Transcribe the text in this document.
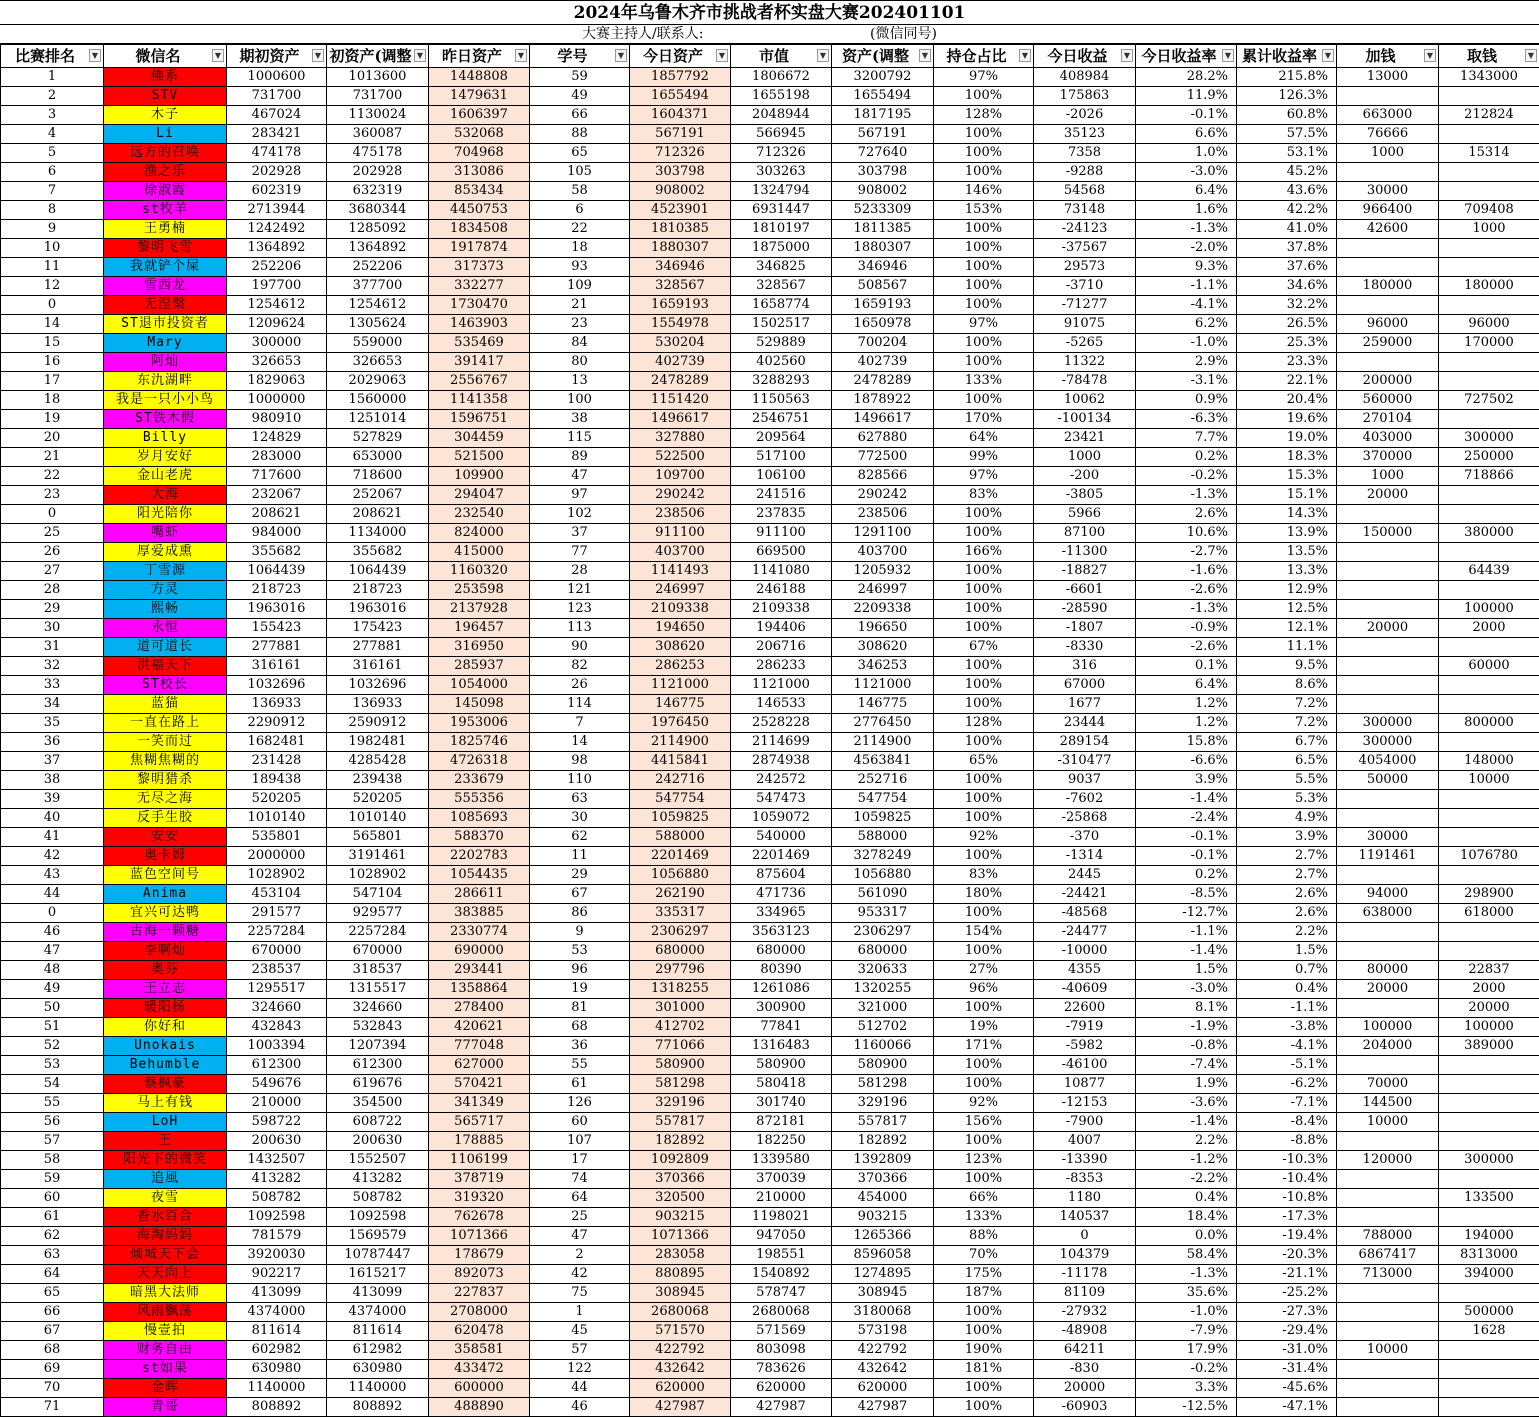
2024年乌鲁木齐市挑战者杯实盘大赛202401101
大赛主持人/联系人:	(微信同号)
比赛排名 ▼	微信名 ▼	期初资产 ▼	初资产(调整 ▼	昨日资产 ▼	学号 ▼	今日资产 ▼	市值 ▼	资产(调整 ▼	持仓占比 ▼	今日收益 ▼	今日收益率 ▼	累计收益率 ▼	加钱 ▼	取钱 ▼

1	佛系	1000600	1013600	1448808	59	1857792	1806672	3200792	97%	408984	28.2%	215.8%	13000	1343000
2	STV	731700	731700	1479631	49	1655494	1655198	1655494	100%	175863	11.9%	126.3%		
3	木子	467024	1130024	1606397	66	1604371	2048944	1817195	128%	-2026	-0.1%	60.8%	663000	212824
4	Li	283421	360087	532068	88	567191	566945	567191	100%	35123	6.6%	57.5%	76666	
5	远方的召唤	474178	475178	704968	65	712326	712326	727640	100%	7358	1.0%	53.1%	1000	15314
6	渔之乐	202928	202928	313086	105	303798	303263	303798	100%	-9288	-3.0%	45.2%		
7	徐淑霞	602319	632319	853434	58	908002	1324794	908002	146%	54568	6.4%	43.6%	30000	
8	st牧羊	2713944	3680344	4450753	6	4523901	6931447	5233309	153%	73148	1.6%	42.2%	966400	709408
9	王勇楠	1242492	1285092	1834508	22	1810385	1810197	1811385	100%	-24123	-1.3%	41.0%	42600	1000
10	黎明飞雪	1364892	1364892	1917874	18	1880307	1875000	1880307	100%	-37567	-2.0%	37.8%		
11	我就铲个屎	252206	252206	317373	93	346946	346825	346946	100%	29573	9.3%	37.6%		
12	雪西龙	197700	377700	332277	109	328567	328567	508567	100%	-3710	-1.1%	34.6%	180000	180000
0	无涅槃	1254612	1254612	1730470	21	1659193	1658774	1659193	100%	-71277	-4.1%	32.2%		
14	ST退市投资者	1209624	1305624	1463903	23	1554978	1502517	1650978	97%	91075	6.2%	26.5%	96000	96000
15	Mary	300000	559000	535469	84	530204	529889	700204	100%	-5265	-1.0%	25.3%	259000	170000
16	阿灿	326653	326653	391417	80	402739	402560	402739	100%	11322	2.9%	23.3%		
17	东氿湖畔	1829063	2029063	2556767	13	2478289	3288293	2478289	133%	-78478	-3.1%	22.1%	200000	
18	我是一只小小鸟	1000000	1560000	1141358	100	1151420	1150563	1878922	100%	10062	0.9%	20.4%	560000	727502
19	ST铁木假	980910	1251014	1596751	38	1496617	2546751	1496617	170%	-100134	-6.3%	19.6%	270104	
20	Billy	124829	527829	304459	115	327880	209564	627880	64%	23421	7.7%	19.0%	403000	300000
21	岁月安好	283000	653000	521500	89	522500	517100	772500	99%	1000	0.2%	18.3%	370000	250000
22	金山老虎	717600	718600	109900	47	109700	106100	828566	97%	-200	-0.2%	15.3%	1000	718866
23	大海	232067	252067	294047	97	290242	241516	290242	83%	-3805	-1.3%	15.1%	20000	
0	阳光陪你	208621	208621	232540	102	238506	237835	238506	100%	5966	2.6%	14.3%		
25	嘴虾	984000	1134000	824000	37	911100	911100	1291100	100%	87100	10.6%	13.9%	150000	380000
26	厚爱成熏	355682	355682	415000	77	403700	669500	403700	166%	-11300	-2.7%	13.5%		
27	丁雪源	1064439	1064439	1160320	28	1141493	1141080	1205932	100%	-18827	-1.6%	13.3%		64439
28	方灵	218723	218723	253598	121	246997	246188	246997	100%	-6601	-2.6%	12.9%		
29	熙畅	1963016	1963016	2137928	123	2109338	2109338	2209338	100%	-28590	-1.3%	12.5%		100000
30	永恒	155423	175423	196457	113	194650	194406	196650	100%	-1807	-0.9%	12.1%	20000	2000
31	道可道长	277881	277881	316950	90	308620	206716	308620	67%	-8330	-2.6%	11.1%		
32	洪福天下	316161	316161	285937	82	286253	286233	346253	100%	316	0.1%	9.5%		60000
33	ST校长	1032696	1032696	1054000	26	1121000	1121000	1121000	100%	67000	6.4%	8.6%		
34	蓝猫	136933	136933	145098	114	146775	146533	146775	100%	1677	1.2%	7.2%		
35	一直在路上	2290912	2590912	1953006	7	1976450	2528228	2776450	128%	23444	1.2%	7.2%	300000	800000
36	一笑而过	1682481	1982481	1825746	14	2114900	2114699	2114900	100%	289154	15.8%	6.7%	300000	
37	焦糊焦糊的	231428	4285428	4726318	98	4415841	2874938	4563841	65%	-310477	-6.6%	6.5%	4054000	148000
38	黎明猎杀	189438	239438	233679	110	242716	242572	252716	100%	9037	3.9%	5.5%	50000	10000
39	无尽之海	520205	520205	555356	63	547754	547473	547754	100%	-7602	-1.4%	5.3%		
40	反手生胶	1010140	1010140	1085693	30	1059825	1059072	1059825	100%	-25868	-2.4%	4.9%		
41	安安	535801	565801	588370	62	588000	540000	588000	92%	-370	-0.1%	3.9%	30000	
42	奥卡姆	2000000	3191461	2202783	11	2201469	2201469	3278249	100%	-1314	-0.1%	2.7%	1191461	1076780
43	蓝色空间号	1028902	1028902	1054435	29	1056880	875604	1056880	83%	2445	0.2%	2.7%		
44	Anima	453104	547104	286611	67	262190	471736	561090	180%	-24421	-8.5%	2.6%	94000	298900
0	宜兴可达鸭	291577	929577	383885	86	335317	334965	953317	100%	-48568	-12.7%	2.6%	638000	618000
46	古海一颗糖	2257284	2257284	2330774	9	2306297	3563123	2306297	154%	-24477	-1.1%	2.2%		
47	李啊灿	670000	670000	690000	53	680000	680000	680000	100%	-10000	-1.4%	1.5%		
48	奥芬	238537	318537	293441	96	297796	80390	320633	27%	4355	1.5%	0.7%	80000	22837
49	王立志	1295517	1315517	1358864	19	1318255	1261086	1320255	96%	-40609	-3.0%	0.4%	20000	2000
50	暖阳杨	324660	324660	278400	81	301000	300900	321000	100%	22600	8.1%	-1.1%		20000
51	你好和	432843	532843	420621	68	412702	77841	512702	19%	-7919	-1.9%	-3.8%	100000	100000
52	Unokais	1003394	1207394	777048	36	771066	1316483	1160066	171%	-5982	-0.8%	-4.1%	204000	389000
53	Behumble	612300	612300	627000	55	580900	580900	580900	100%	-46100	-7.4%	-5.1%		
54	蔡枫豪	549676	619676	570421	61	581298	580418	581298	100%	10877	1.9%	-6.2%	70000	
55	马上有钱	210000	354500	341349	126	329196	301740	329196	92%	-12153	-3.6%	-7.1%	144500	
56	LoH	598722	608722	565717	60	557817	872181	557817	156%	-7900	-1.4%	-8.4%	10000	
57	王	200630	200630	178885	107	182892	182250	182892	100%	4007	2.2%	-8.8%		
58	阳光下的微笑	1432507	1552507	1106199	17	1092809	1339580	1392809	123%	-13390	-1.2%	-10.3%	120000	300000
59	追風	413282	413282	378719	74	370366	370039	370366	100%	-8353	-2.2%	-10.4%		
60	夜雪	508782	508782	319320	64	320500	210000	454000	66%	1180	0.4%	-10.8%		133500
61	香水百合	1092598	1092598	762678	25	903215	1198021	903215	133%	140537	18.4%	-17.3%		
62	海淘妈妈	781579	1569579	1071366	47	1071366	947050	1265366	88%	0	0.0%	-19.4%	788000	194000
63	倾城天下会	3920030	10787447	178679	2	283058	198551	8596058	70%	104379	58.4%	-20.3%	6867417	8313000
64	天天向上	902217	1615217	892073	42	880895	1540892	1274895	175%	-11178	-1.3%	-21.1%	713000	394000
65	暗黑大法师	413099	413099	227837	75	308945	578747	308945	187%	81109	35.6%	-25.2%		
66	风雨飘荡	4374000	4374000	2708000	1	2680068	2680068	3180068	100%	-27932	-1.0%	-27.3%		500000
67	慢壹拍	811614	811614	620478	45	571570	571569	573198	100%	-48908	-7.9%	-29.4%		1628
68	财务自由	602982	612982	358581	57	422792	803098	422792	190%	64211	17.9%	-31.0%	10000	
69	st如果	630980	630980	433472	122	432642	783626	432642	181%	-830	-0.2%	-31.4%		
70	金晖	1140000	1140000	600000	44	620000	620000	620000	100%	20000	3.3%	-45.6%		
71	青哥	808892	808892	488890	46	427987	427987	427987	100%	-60903	-12.5%	-47.1%		
